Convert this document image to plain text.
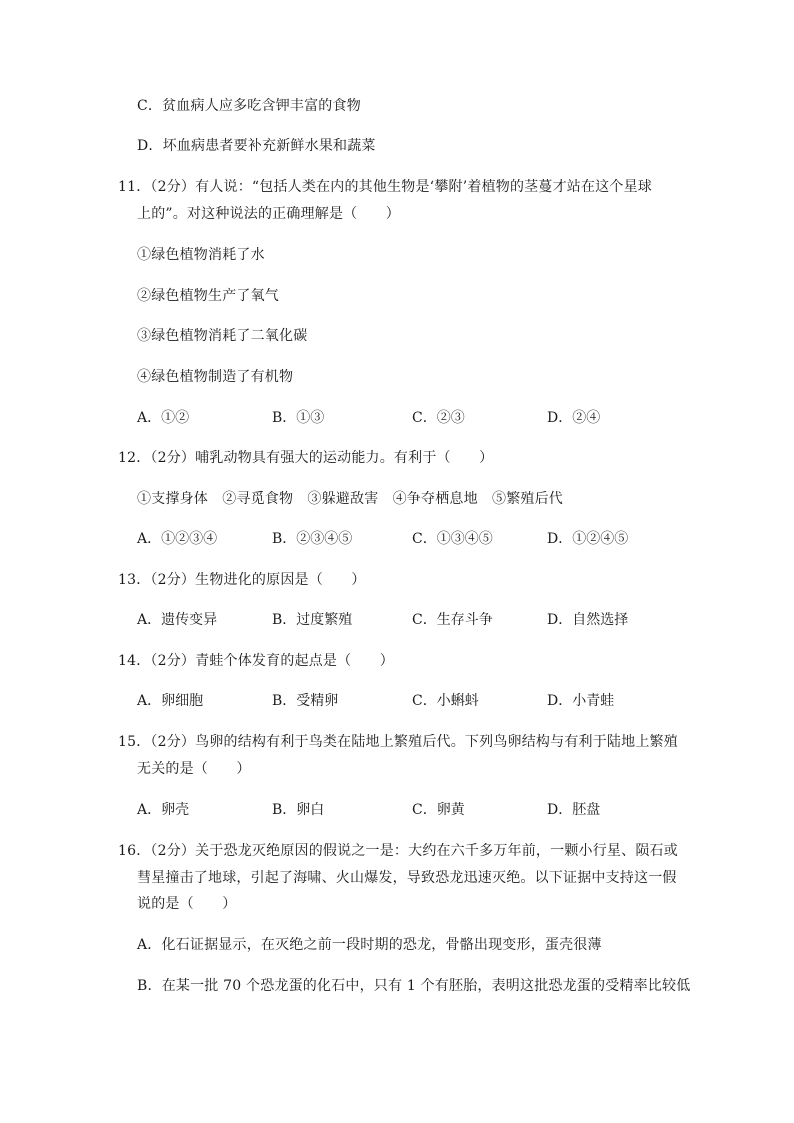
C．贫血病人应多吃含钾丰富的食物
D．坏血病患者要补充新鲜水果和蔬菜
11．（2分）有人说：“包括人类在内的其他生物是‘攀附’着植物的茎蔓才站在这个星球
上的”。对这种说法的正确理解是（　　）
①绿色植物消耗了水
②绿色植物生产了氧气
③绿色植物消耗了二氧化碳
④绿色植物制造了有机物
A．①②	B．①③	C．②③	D．②④
12．（2分）哺乳动物具有强大的运动能力。有利于（　　）
①支撑身体　②寻觅食物　③躲避敌害　④争夺栖息地　⑤繁殖后代
A．①②③④	B．②③④⑤	C．①③④⑤	D．①②④⑤
13．（2分）生物进化的原因是（　　）
A．遗传变异	B．过度繁殖	C．生存斗争	D．自然选择
14．（2分）青蛙个体发育的起点是（　　）
A．卵细胞	B．受精卵	C．小蝌蚪	D．小青蛙
15．（2分）鸟卵的结构有利于鸟类在陆地上繁殖后代。下列鸟卵结构与有利于陆地上繁殖
无关的是（　　）
A．卵壳	B．卵白	C．卵黄	D．胚盘
16．（2分）关于恐龙灭绝原因的假说之一是：大约在六千多万年前，一颗小行星、陨石或
彗星撞击了地球，引起了海啸、火山爆发，导致恐龙迅速灭绝。以下证据中支持这一假
说的是（　　）
A．化石证据显示，在灭绝之前一段时期的恐龙，骨骼出现变形，蛋壳很薄
B．在某一批 70 个恐龙蛋的化石中，只有 1 个有胚胎，表明这批恐龙蛋的受精率比较低
